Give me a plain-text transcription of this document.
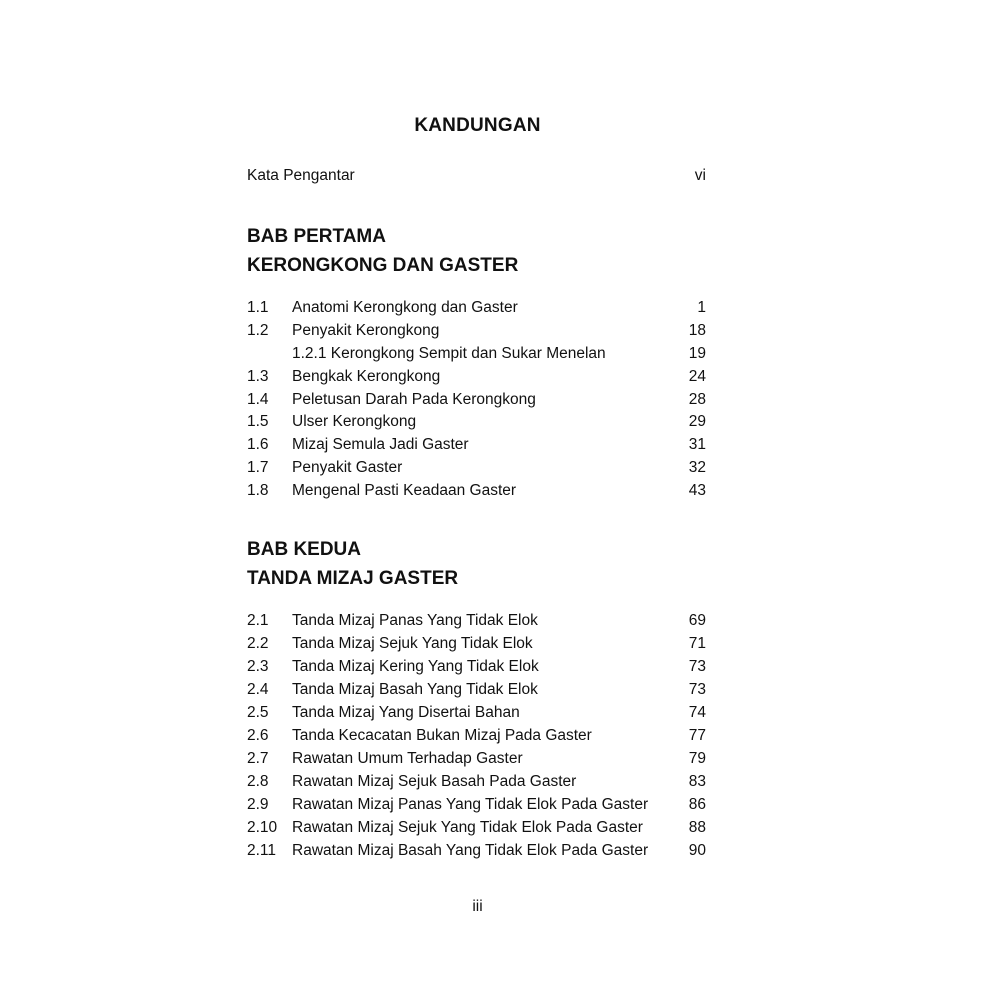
KANDUNGAN
Kata Pengantar	vi
BAB PERTAMA
KERONGKONG DAN GASTER
1.1 Anatomi Kerongkong dan Gaster	1
1.2 Penyakit Kerongkong	18
1.2.1 Kerongkong Sempit dan Sukar Menelan	19
1.3 Bengkak Kerongkong	24
1.4 Peletusan Darah Pada Kerongkong	28
1.5 Ulser Kerongkong	29
1.6 Mizaj Semula Jadi Gaster	31
1.7 Penyakit Gaster	32
1.8 Mengenal Pasti Keadaan Gaster	43
BAB KEDUA
TANDA MIZAJ GASTER
2.1 Tanda Mizaj Panas Yang Tidak Elok	69
2.2 Tanda Mizaj Sejuk Yang Tidak Elok	71
2.3 Tanda Mizaj Kering Yang Tidak Elok	73
2.4 Tanda Mizaj Basah Yang Tidak Elok	73
2.5 Tanda Mizaj Yang Disertai Bahan	74
2.6 Tanda Kecacatan Bukan Mizaj Pada Gaster	77
2.7 Rawatan Umum Terhadap Gaster	79
2.8 Rawatan Mizaj Sejuk Basah Pada Gaster	83
2.9 Rawatan Mizaj Panas Yang Tidak Elok Pada Gaster	86
2.10 Rawatan Mizaj Sejuk Yang Tidak Elok Pada Gaster	88
2.11 Rawatan Mizaj Basah Yang Tidak Elok Pada Gaster	90
iii
